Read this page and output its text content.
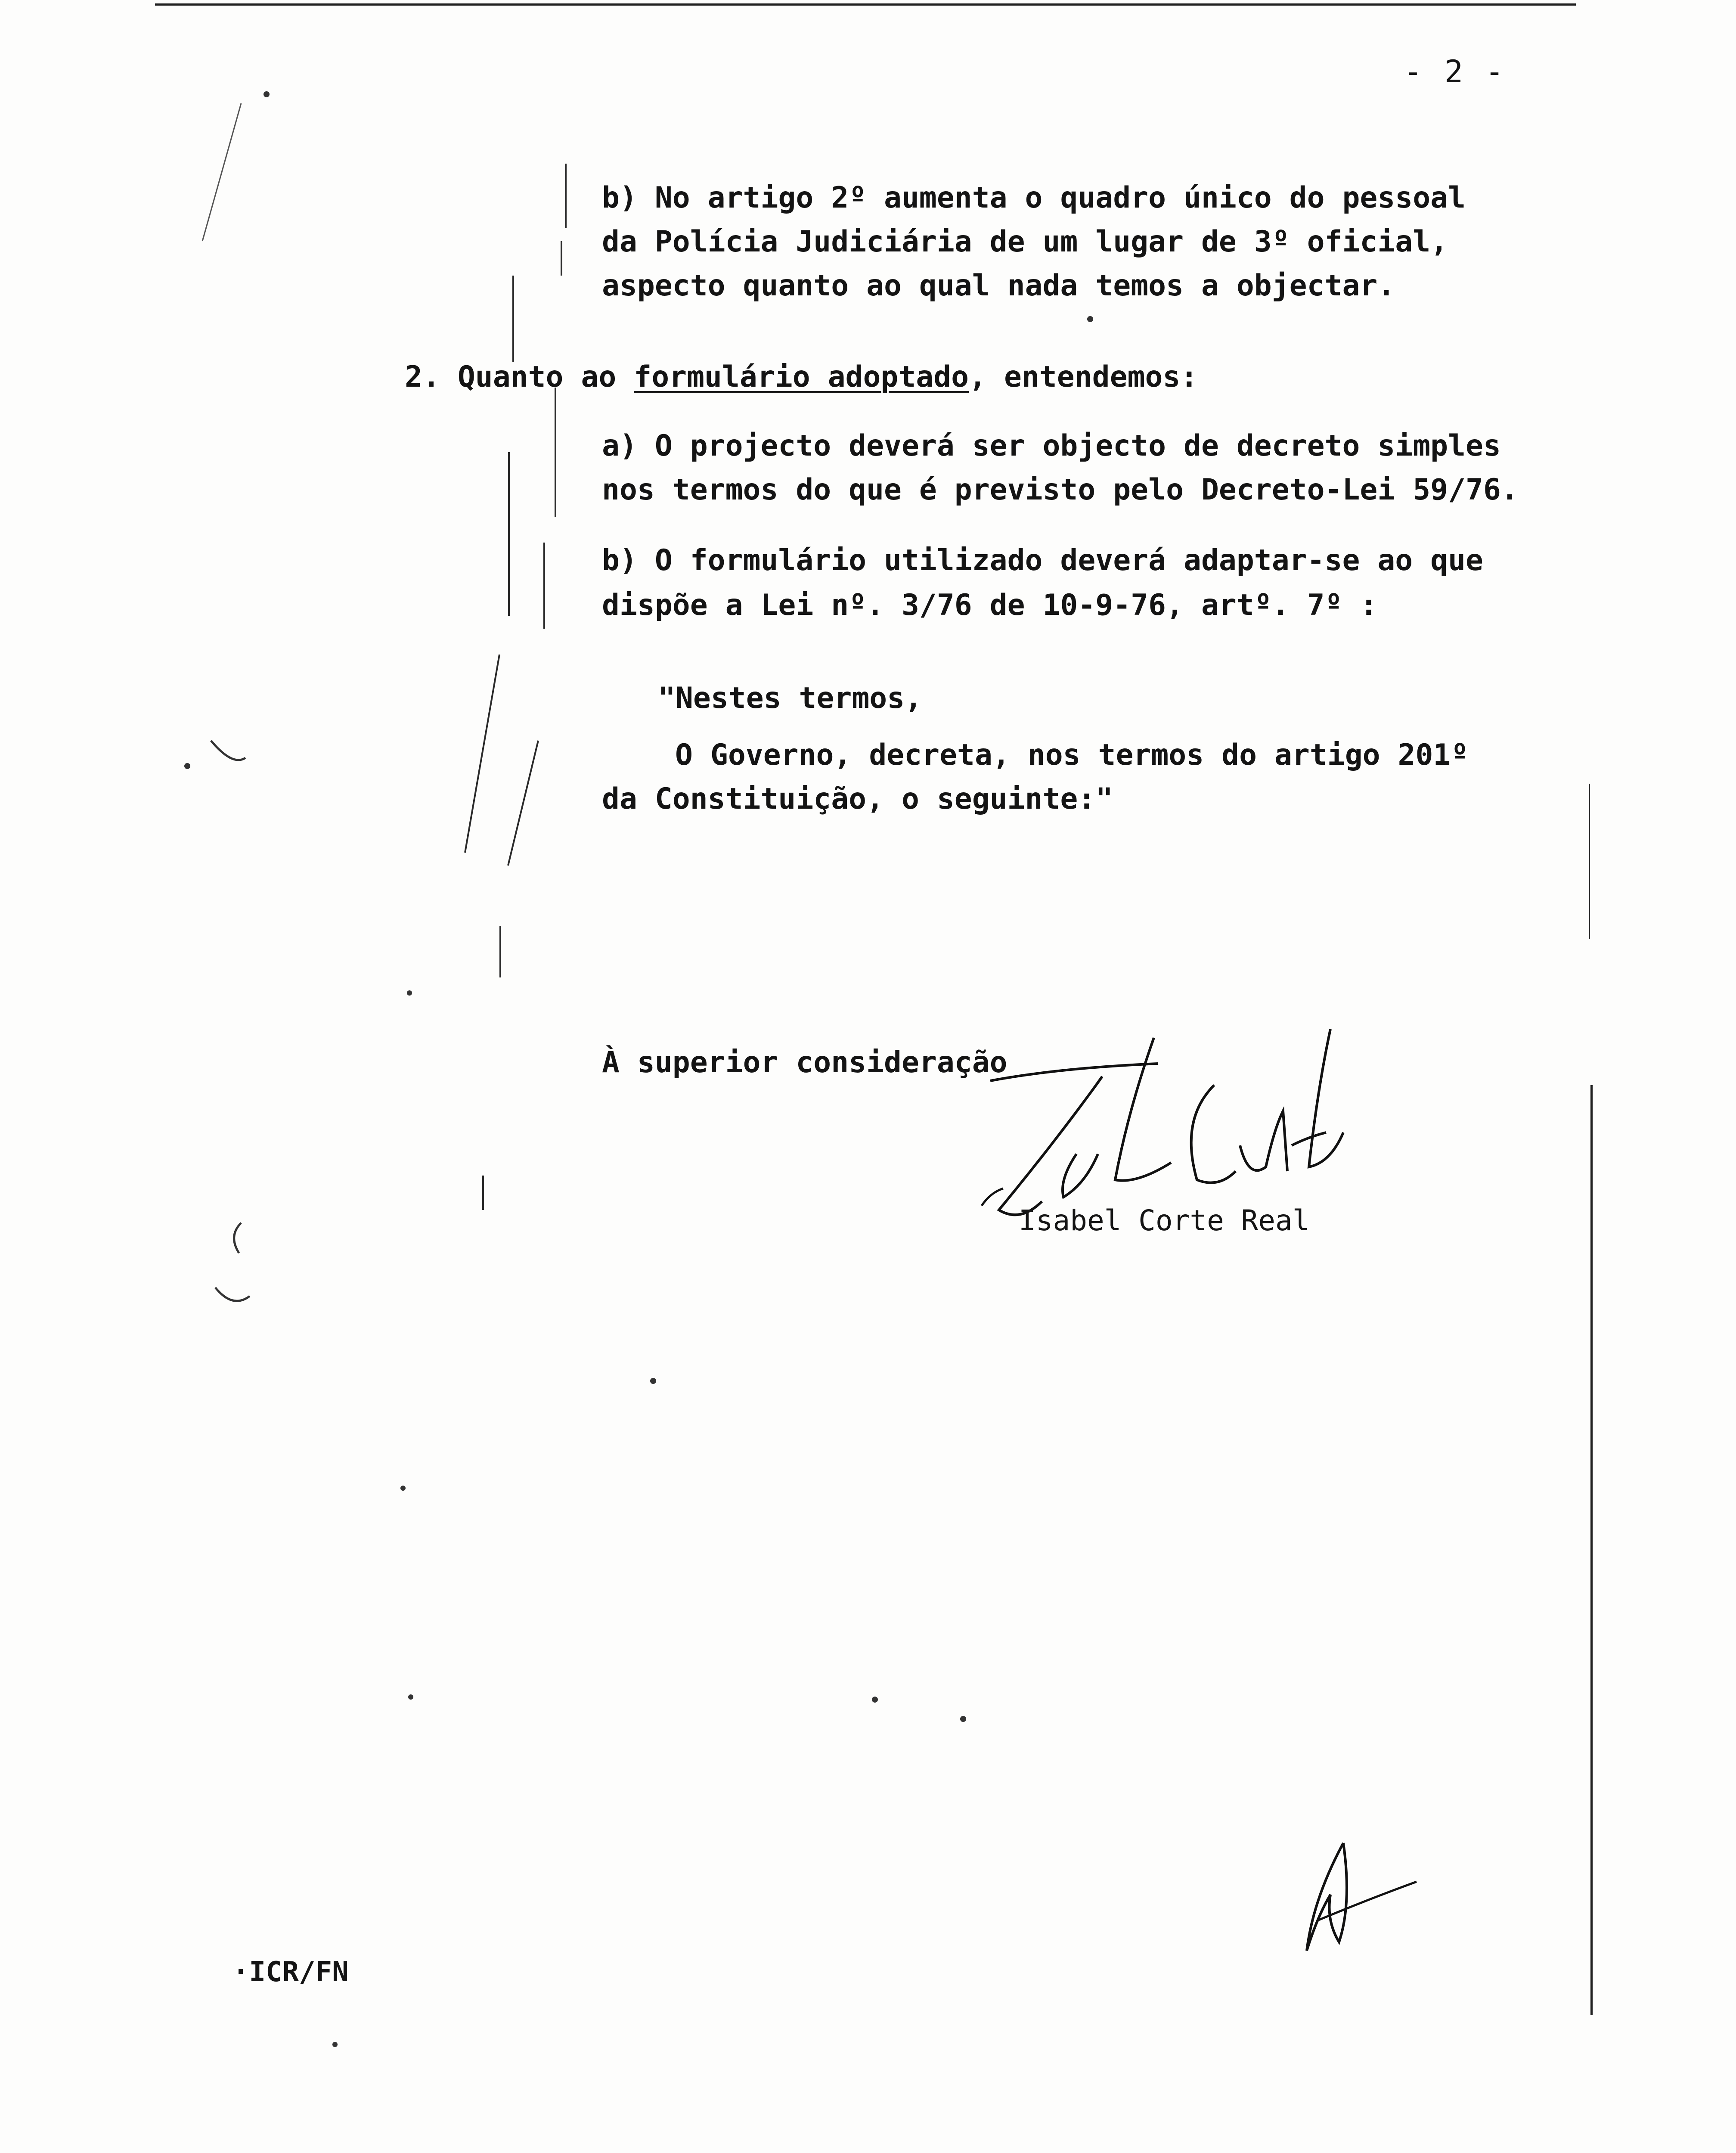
- 2 -
b) No artigo 2º aumenta o quadro único do pessoal
da Polícia Judiciária de um lugar de 3º oficial,
aspecto quanto ao qual nada temos a objectar.
2. Quanto ao formulário adoptado, entendemos:
a) O projecto deverá ser objecto de decreto simples
nos termos do que é previsto pelo Decreto-Lei 59/76.
b) O formulário utilizado deverá adaptar-se ao que
dispõe a Lei nº. 3/76 de 10-9-76, artº. 7º :
"Nestes termos,
O Governo, decreta, nos termos do artigo 201º
da Constituição, o seguinte:"
À superior consideração
Isabel Corte Real
·ICR/FN
